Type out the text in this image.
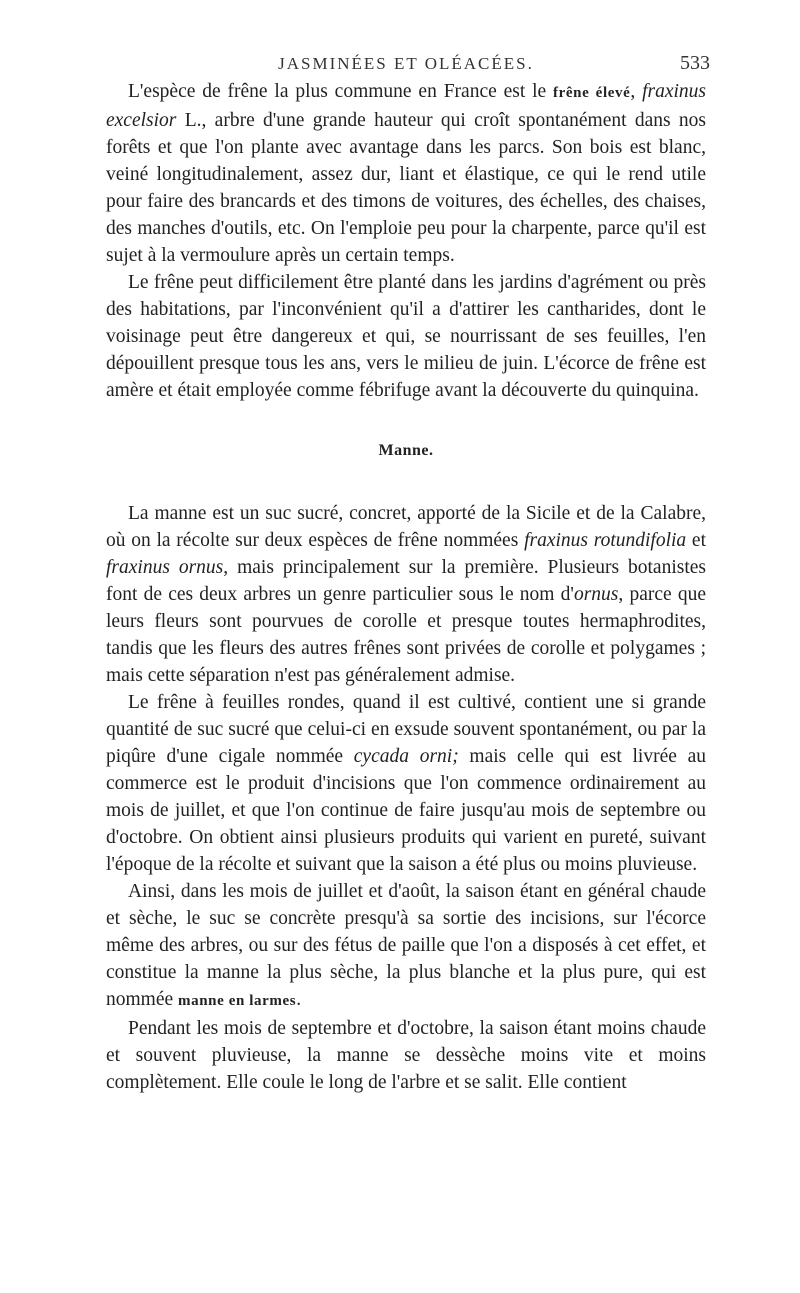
JASMINÉES ET OLÉACÉES.	533

L'espèce de frêne la plus commune en France est le frêne élevé, fraxinus excelsior L., arbre d'une grande hauteur qui croît spontanément dans nos forêts et que l'on plante avec avantage dans les parcs. Son bois est blanc, veiné longitudinalement, assez dur, liant et élastique, ce qui le rend utile pour faire des brancards et des timons de voitures, des échelles, des chaises, des manches d'outils, etc. On l'emploie peu pour la charpente, parce qu'il est sujet à la vermoulure après un certain temps.

Le frêne peut difficilement être planté dans les jardins d'agrément ou près des habitations, par l'inconvénient qu'il a d'attirer les cantharides, dont le voisinage peut être dangereux et qui, se nourrissant de ses feuilles, l'en dépouillent presque tous les ans, vers le milieu de juin. L'écorce de frêne est amère et était employée comme fébrifuge avant la découverte du quinquina.

Manne.

La manne est un suc sucré, concret, apporté de la Sicile et de la Calabre, où on la récolte sur deux espèces de frêne nommées fraxinus rotundifolia et fraxinus ornus, mais principalement sur la première. Plusieurs botanistes font de ces deux arbres un genre particulier sous le nom d'ornus, parce que leurs fleurs sont pourvues de corolle et presque toutes hermaphrodites, tandis que les fleurs des autres frênes sont privées de corolle et polygames ; mais cette séparation n'est pas généralement admise.

Le frêne à feuilles rondes, quand il est cultivé, contient une si grande quantité de suc sucré que celui-ci en exsude souvent spontanément, ou par la piqûre d'une cigale nommée cycada orni; mais celle qui est livrée au commerce est le produit d'incisions que l'on commence ordinairement au mois de juillet, et que l'on continue de faire jusqu'au mois de septembre ou d'octobre. On obtient ainsi plusieurs produits qui varient en pureté, suivant l'époque de la récolte et suivant que la saison a été plus ou moins pluvieuse.

Ainsi, dans les mois de juillet et d'août, la saison étant en général chaude et sèche, le suc se concrète presqu'à sa sortie des incisions, sur l'écorce même des arbres, ou sur des fétus de paille que l'on a disposés à cet effet, et constitue la manne la plus sèche, la plus blanche et la plus pure, qui est nommée manne en larmes.

Pendant les mois de septembre et d'octobre, la saison étant moins chaude et souvent pluvieuse, la manne se dessèche moins vite et moins complètement. Elle coule le long de l'arbre et se salit. Elle contient
